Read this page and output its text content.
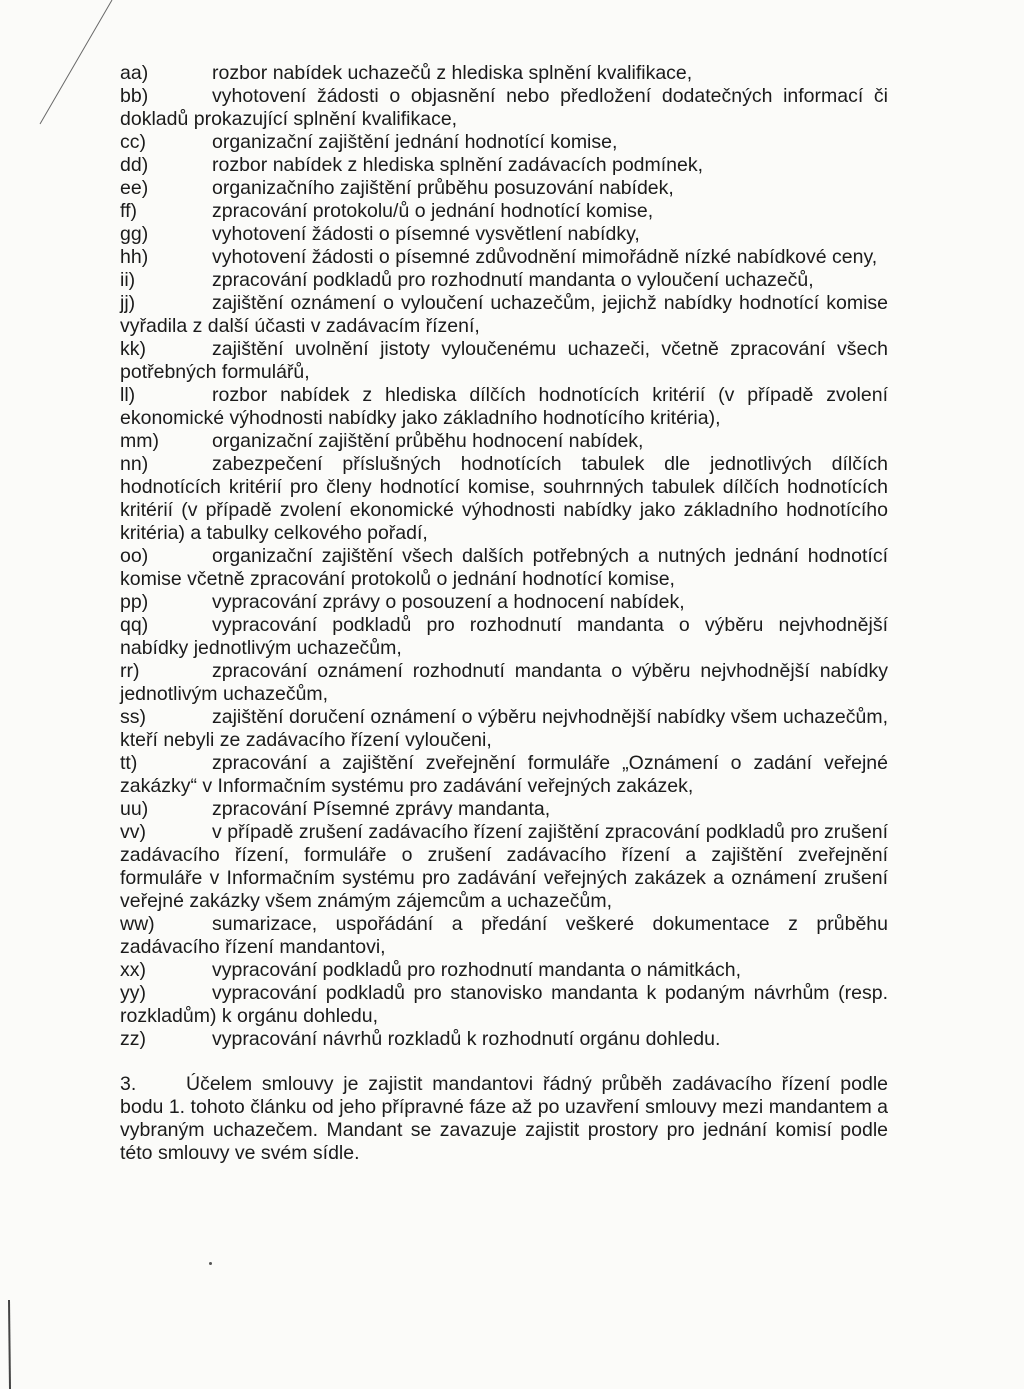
aa)	rozbor nabídek uchazečů z hlediska splnění kvalifikace,

bb)	vyhotovení žádosti o objasnění nebo předložení dodatečných informací či dokladů prokazující splnění kvalifikace,

cc)	organizační zajištění jednání hodnotící komise,

dd)	rozbor nabídek z hlediska splnění zadávacích podmínek,

ee)	organizačního zajištění průběhu posuzování nabídek,

ff)	zpracování protokolu/ů o jednání hodnotící komise,

gg)	vyhotovení žádosti o písemné vysvětlení nabídky,

hh)	vyhotovení žádosti o písemné zdůvodnění mimořádně nízké nabídkové ceny,

ii)	zpracování podkladů pro rozhodnutí mandanta o vyloučení uchazečů,

jj)	zajištění oznámení o vyloučení uchazečům, jejichž nabídky hodnotící komise vyřadila z další účasti v zadávacím řízení,

kk)	zajištění uvolnění jistoty vyloučenému uchazeči, včetně zpracování všech potřebných formulářů,

ll)	rozbor nabídek z hlediska dílčích hodnotících kritérií (v případě zvolení ekonomické výhodnosti nabídky jako základního hodnotícího kritéria),

mm)	organizační zajištění průběhu hodnocení nabídek,

nn)	zabezpečení příslušných hodnotících tabulek dle jednotlivých dílčích hodnotících kritérií pro členy hodnotící komise, souhrnných tabulek dílčích hodnotících kritérií (v případě zvolení ekonomické výhodnosti nabídky jako základního hodnotícího kritéria) a tabulky celkového pořadí,

oo)	organizační zajištění všech dalších potřebných a nutných jednání hodnotící komise včetně zpracování protokolů o jednání hodnotící komise,

pp)	vypracování zprávy o posouzení a hodnocení nabídek,

qq)	vypracování podkladů pro rozhodnutí mandanta o výběru nejvhodnější nabídky jednotlivým uchazečům,

rr)	zpracování oznámení rozhodnutí mandanta o výběru nejvhodnější nabídky jednotlivým uchazečům,

ss)	zajištění doručení oznámení o výběru nejvhodnější nabídky všem uchazečům, kteří nebyli ze zadávacího řízení vyloučeni,

tt)	zpracování a zajištění zveřejnění formuláře „Oznámení o zadání veřejné zakázky“ v Informačním systému pro zadávání veřejných zakázek,

uu)	zpracování Písemné zprávy mandanta,

vv)	v případě zrušení zadávacího řízení zajištění zpracování podkladů pro zrušení zadávacího řízení, formuláře o zrušení zadávacího řízení a zajištění zveřejnění formuláře v Informačním systému pro zadávání veřejných zakázek a oznámení zrušení veřejné zakázky všem známým zájemcům a uchazečům,

ww)	sumarizace, uspořádání a předání veškeré dokumentace z průběhu zadávacího řízení mandantovi,

xx)	vypracování podkladů pro rozhodnutí mandanta o námitkách,

yy)	vypracování podkladů pro stanovisko mandanta k podaným návrhům (resp. rozkladům) k orgánu dohledu,

zz)	vypracování návrhů rozkladů k rozhodnutí orgánu dohledu.

3.	Účelem smlouvy je zajistit mandantovi řádný průběh zadávacího řízení podle bodu 1. tohoto článku od jeho přípravné fáze až po uzavření smlouvy mezi mandantem a vybraným uchazečem. Mandant se zavazuje zajistit prostory pro jednání komisí podle této smlouvy ve svém sídle.
